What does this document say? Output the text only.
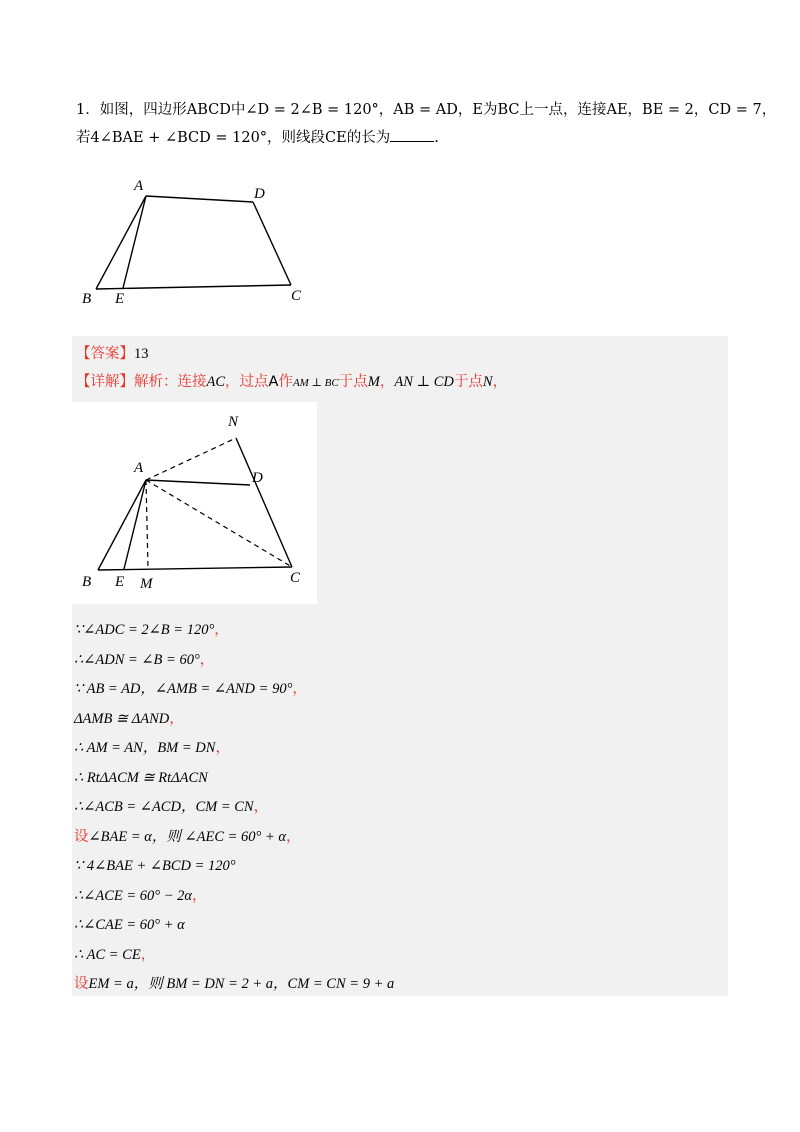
1．如图，四边形ABCD中∠D = 2∠B = 120°，AB = AD，E为BC上一点，连接AE，BE = 2，CD = 7，
若4∠BAE + ∠BCD = 120°，则线段CE的长为	.
A	D
B E	C
【答案】13
【详解】解析：连接AC，过点A作AM ⊥ BC于点M，AN ⊥ CD于点N，
N
A
D
B E M	C
∵∠ADC = 2∠B = 120°，
∴∠ADN = ∠B = 60°，
∵ AB = AD，∠AMB = ∠AND = 90°，
ΔAMB ≅ ΔAND，
∴ AM = AN，BM = DN，
∴ RtΔACM ≅ RtΔACN
∴∠ACB = ∠ACD，CM = CN，
设∠BAE = α，则 ∠AEC = 60° + α，
∵ 4∠BAE + ∠BCD = 120°
∴∠ACE = 60° − 2α，
∴∠CAE = 60° + α
∴ AC = CE，
设EM = a，则 BM = DN = 2 + a，CM = CN = 9 + a
